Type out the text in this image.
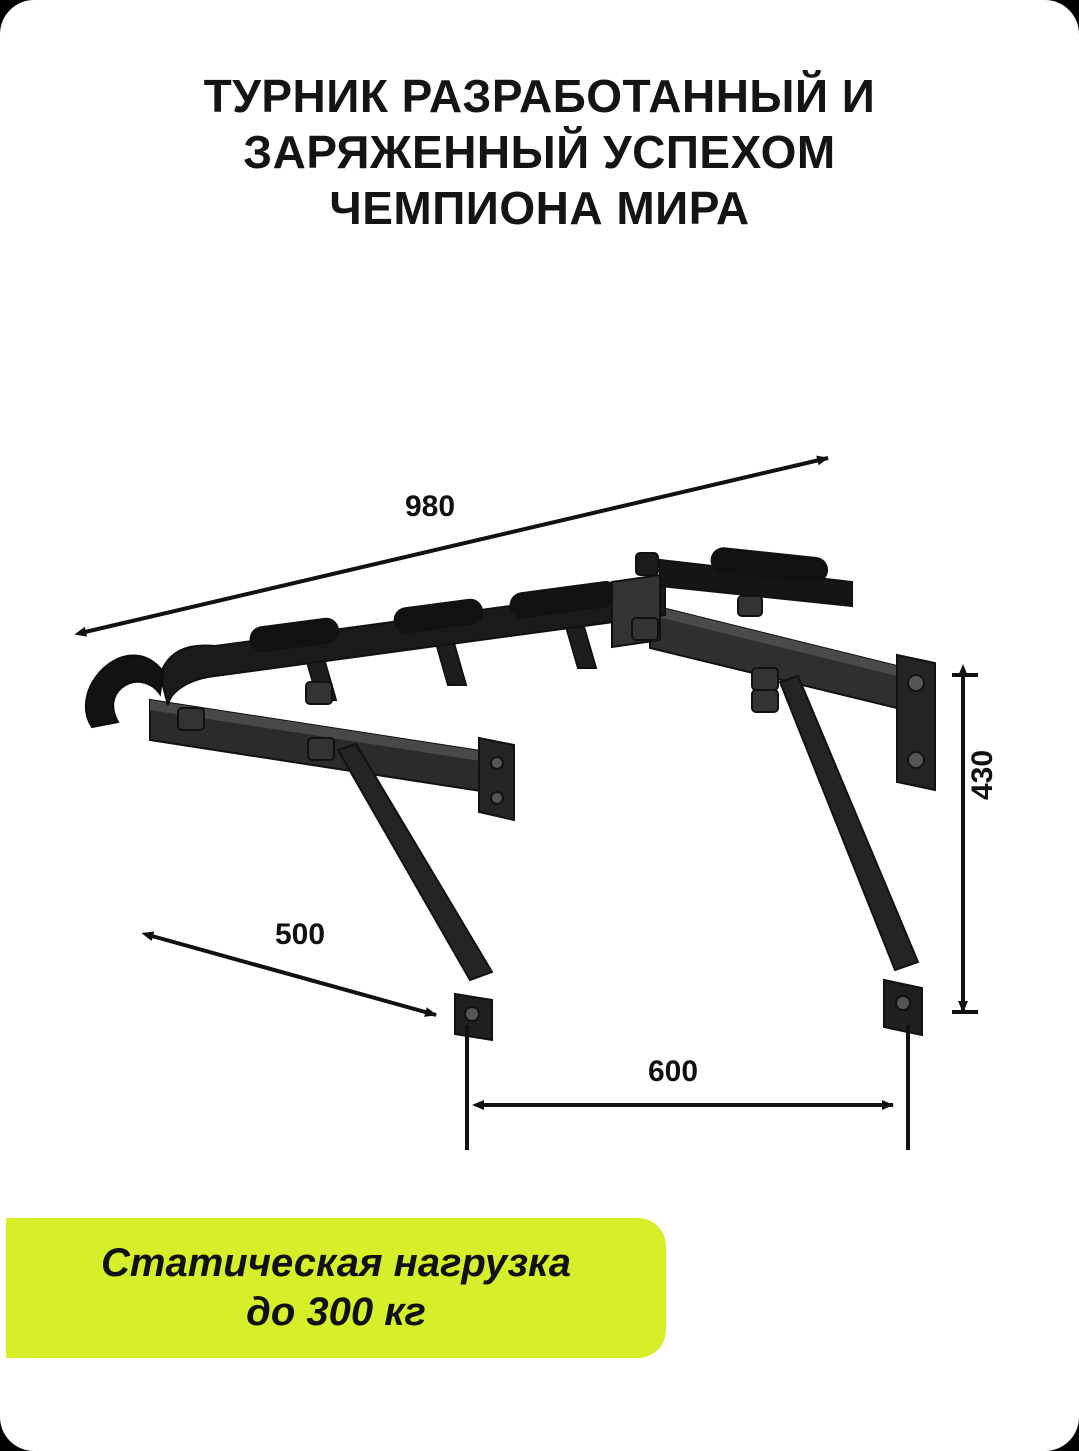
ТУРНИК РАЗРАБОТАННЫЙ И
ЗАРЯЖЕННЫЙ УСПЕХОМ
ЧЕМПИОНА МИРА
980
500
600
430
Статическая нагрузка
до 300 кг
